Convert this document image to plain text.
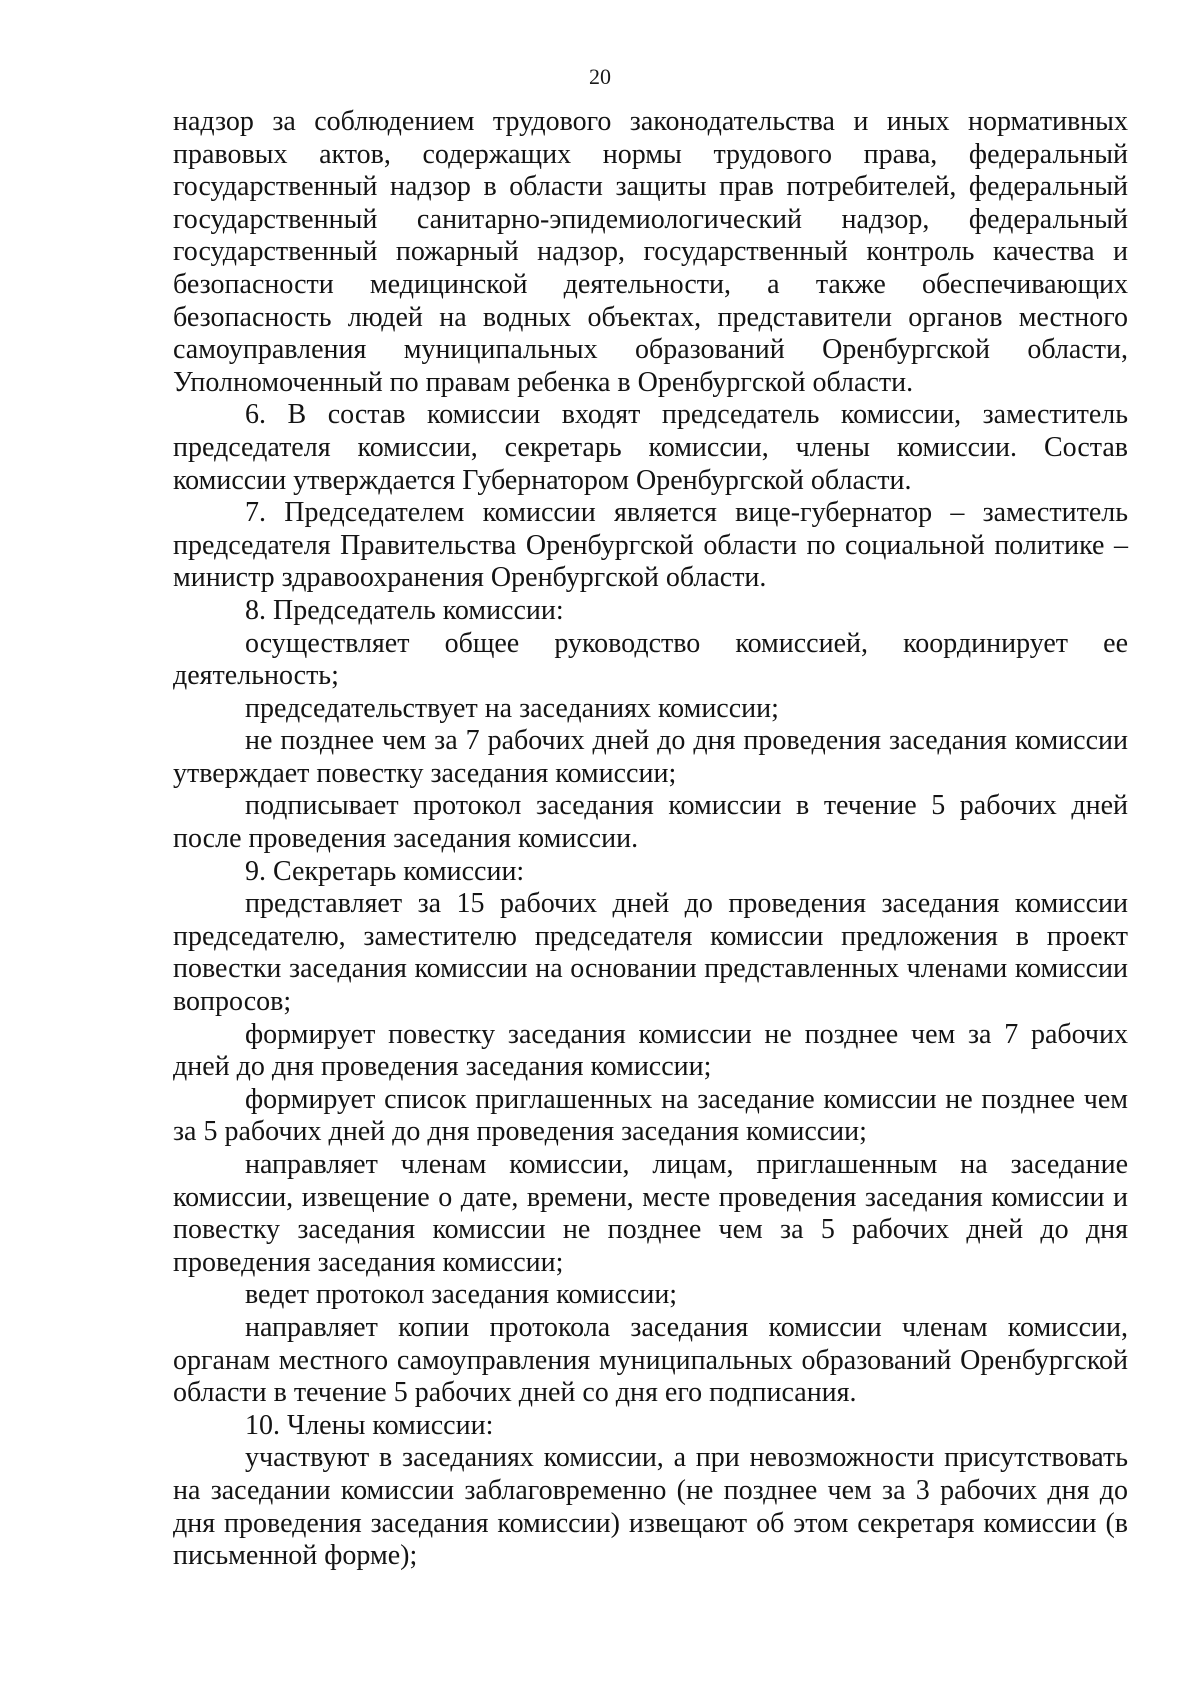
20

надзор за соблюдением трудового законодательства и иных нормативных правовых актов, содержащих нормы трудового права, федеральный государственный надзор в области защиты прав потребителей, федеральный государственный санитарно-эпидемиологический надзор, федеральный государственный пожарный надзор, государственный контроль качества и безопасности медицинской деятельности, а также обеспечивающих безопасность людей на водных объектах, представители органов местного самоуправления муниципальных образований Оренбургской области, Уполномоченный по правам ребенка в Оренбургской области.

6. В состав комиссии входят председатель комиссии, заместитель председателя комиссии, секретарь комиссии, члены комиссии. Состав комиссии утверждается Губернатором Оренбургской области.

7. Председателем комиссии является вице-губернатор – заместитель председателя Правительства Оренбургской области по социальной политике – министр здравоохранения Оренбургской области.

8. Председатель комиссии:

осуществляет общее руководство комиссией, координирует ее деятельность;

председательствует на заседаниях комиссии;

не позднее чем за 7 рабочих дней до дня проведения заседания комиссии утверждает повестку заседания комиссии;

подписывает протокол заседания комиссии в течение 5 рабочих дней после проведения заседания комиссии.

9. Секретарь комиссии:

представляет за 15 рабочих дней до проведения заседания комиссии председателю, заместителю председателя комиссии предложения в проект повестки заседания комиссии на основании представленных членами комиссии вопросов;

формирует повестку заседания комиссии не позднее чем за 7 рабочих дней до дня проведения заседания комиссии;

формирует список приглашенных на заседание комиссии не позднее чем за 5 рабочих дней до дня проведения заседания комиссии;

направляет членам комиссии, лицам, приглашенным на заседание комиссии, извещение о дате, времени, месте проведения заседания комиссии и повестку заседания комиссии не позднее чем за 5 рабочих дней до дня проведения заседания комиссии;

ведет протокол заседания комиссии;

направляет копии протокола заседания комиссии членам комиссии, органам местного самоуправления муниципальных образований Оренбургской области в течение 5 рабочих дней со дня его подписания.

10. Члены комиссии:

участвуют в заседаниях комиссии, а при невозможности присутствовать на заседании комиссии заблаговременно (не позднее чем за 3 рабочих дня до дня проведения заседания комиссии) извещают об этом секретаря комиссии (в письменной форме);
